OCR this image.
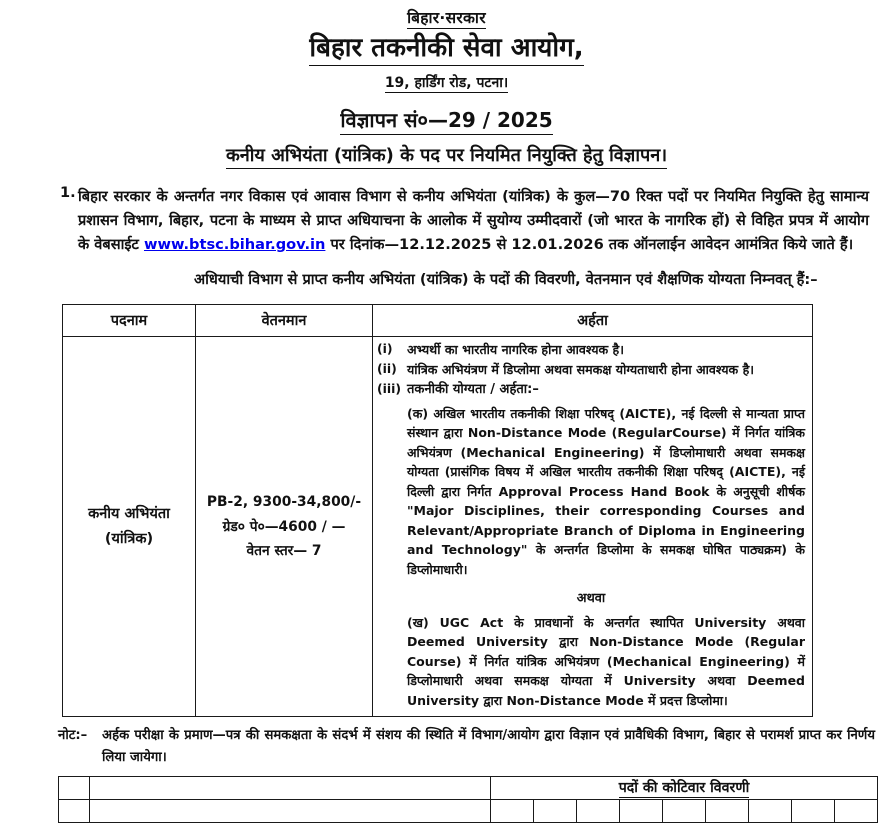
बिहार·सरकार
बिहार तकनीकी सेवा आयोग,
19, हार्डिंग रोड, पटना।
विज्ञापन सं०—29 / 2025
कनीय अभियंता (यांत्रिक) के पद पर नियमित नियुक्ति हेतु विज्ञापन।
1. बिहार सरकार के अन्तर्गत नगर विकास एवं आवास विभाग से कनीय अभियंता (यांत्रिक) के कुल—70 रिक्त पदों पर नियमित नियुक्ति हेतु सामान्य प्रशासन विभाग, बिहार, पटना के माध्यम से प्राप्त अधियाचना के आलोक में सुयोग्य उम्मीदवारों (जो भारत के नागरिक हों) से विहित प्रपत्र में आयोग के वेबसाईट www.btsc.bihar.gov.in पर दिनांक—12.12.2025 से 12.01.2026 तक ऑनलाईन आवेदन आमंत्रित किये जाते हैं।
अधियाची विभाग से प्राप्त कनीय अभियंता (यांत्रिक) के पदों की विवरणी, वेतनमान एवं शैक्षणिक योग्यता निम्नवत् हैं:–
पदनाम	वेतनमान	अर्हता

कनीय अभियंता
(यांत्रिक)

PB-2, 9300-34,800/-
ग्रेड० पे०—4600 / —
वेतन स्तर— 7

(i)	अभ्यर्थी का भारतीय नागरिक होना आवश्यक है।
(ii) यांत्रिक अभियंत्रण में डिप्लोमा अथवा समकक्ष योग्यताधारी होना आवश्यक है।
(iii) तकनीकी योग्यता / अर्हता:–
(क) अखिल भारतीय तकनीकी शिक्षा परिषद् (AICTE), नई दिल्ली से मान्यता प्राप्त संस्थान द्वारा Non-Distance Mode (RegularCourse) में निर्गत यांत्रिक अभियंत्रण (Mechanical Engineering) में डिप्लोमाधारी अथवा समकक्ष योग्यता (प्रासंगिक विषय में अखिल भारतीय तकनीकी शिक्षा परिषद् (AICTE), नई दिल्ली द्वारा निर्गत Approval Process Hand Book के अनुसूची शीर्षक "Major Disciplines, their corresponding Courses and Relevant/Appropriate Branch of Diploma in Engineering and Technology" के अन्तर्गत डिप्लोमा के समकक्ष घोषित पाठ्यक्रम) के डिप्लोमाधारी।
अथवा
(ख) UGC Act के प्रावधानों के अन्तर्गत स्थापित University अथवा Deemed University द्वारा Non-Distance Mode (Regular Course) में निर्गत यांत्रिक अभियंत्रण (Mechanical Engineering) में डिप्लोमाधारी अथवा समकक्ष योग्यता में University अथवा Deemed University द्वारा Non-Distance Mode में प्रदत्त डिप्लोमा।
नोट:–	अर्हक परीक्षा के प्रमाण—पत्र की समकक्षता के संदर्भ में संशय की स्थिति में विभाग/आयोग द्वारा विज्ञान एवं प्रावैधिकी विभाग, बिहार से परामर्श प्राप्त कर निर्णय लिया जायेगा।
		पदों की कोटिवार विवरणी								
